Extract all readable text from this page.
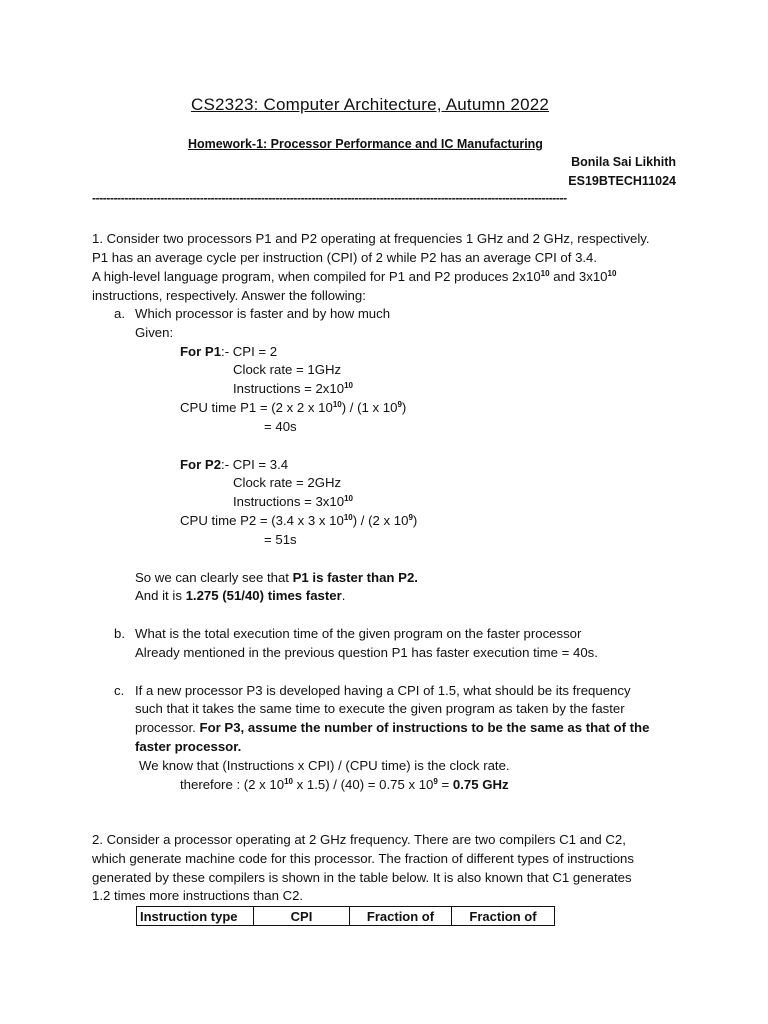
CS2323: Computer Architecture, Autumn 2022
Homework-1: Processor Performance and IC Manufacturing
Bonila Sai Likhith
ES19BTECH11024
------------------------------------------------------------------------------------------------------------------------------------
1. Consider two processors P1 and P2 operating at frequencies 1 GHz and 2 GHz, respectively.
P1 has an average cycle per instruction (CPI) of 2 while P2 has an average CPI of 3.4.
A high-level language program, when compiled for P1 and P2 produces $2x10^{10}$ and $3x10^{10}$
instructions, respectively. Answer the following:
a. Which processor is faster and by how much
Given:
For P1:- CPI = 2
Clock rate = 1GHz
Instructions = $2x10^{10}$
CPU time P1 = (2 x 2 x $10^{10}) / (1$ x $10^9$)
= 40s
For P2:- CPI = 3.4
Clock rate = 2GHz
Instructions = $3x10^{10}$
CPU time P2 = (3.4 x 3 x $10^{10}) / (2$ x $10^9$)
= 51s
So we can clearly see that P1 is faster than P2.
And it is 1.275 (51/40) times faster.
b. What is the total execution time of the given program on the faster processor
Already mentioned in the previous question P1 has faster execution time = 40s.
c. If a new processor P3 is developed having a CPI of 1.5, what should be its frequency
such that it takes the same time to execute the given program as taken by the faster
processor. For P3, assume the number of instructions to be the same as that of the
faster processor.
We know that (Instructions x CPI) / (CPU time) is the clock rate.
therefore : (2 x $10^{10}$ x 1.5) / (40) = 0.75 x $10^9 = 0.75$ GHz
2. Consider a processor operating at 2 GHz frequency. There are two compilers C1 and C2,
which generate machine code for this processor. The fraction of different types of instructions
generated by these compilers is shown in the table below. It is also known that C1 generates
1.2 times more instructions than C2.
Instruction type	CPI	Fraction of	Fraction of
